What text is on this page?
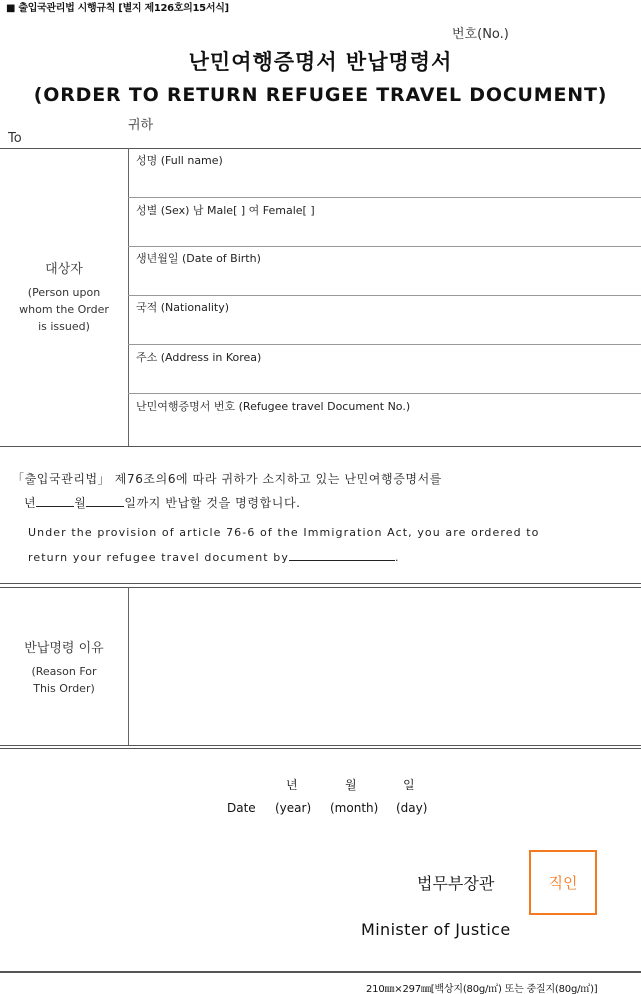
■ 출입국관리법 시행규칙 [별지 제126호의15서식]
번호(No.)
난민여행증명서 반납명령서
(ORDER TO RETURN REFUGEE TRAVEL DOCUMENT)
귀하
To
대상자
(Person upon
whom the Order
is issued)
성명 (Full name)
성별 (Sex) 남 Male[ ] 여 Female[ ]
생년월일 (Date of Birth)
국적 (Nationality)
주소 (Address in Korea)
난민여행증명서 번호 (Refugee travel Document No.)
「출입국관리법」 제76조의6에 따라 귀하가 소지하고 있는 난민여행증명서를
년	월	일까지 반납할 것을 명령합니다.
Under the provision of article 76-6 of the Immigration Act, you are ordered to
return your refugee travel document by	.
반납명령 이유
(Reason For
This Order)
년	월	일
Date (year) (month) (day)
법무부장관	직인
Minister of Justice
210㎜×297㎜[백상지(80g/㎡) 또는 중질지(80g/㎡)]
